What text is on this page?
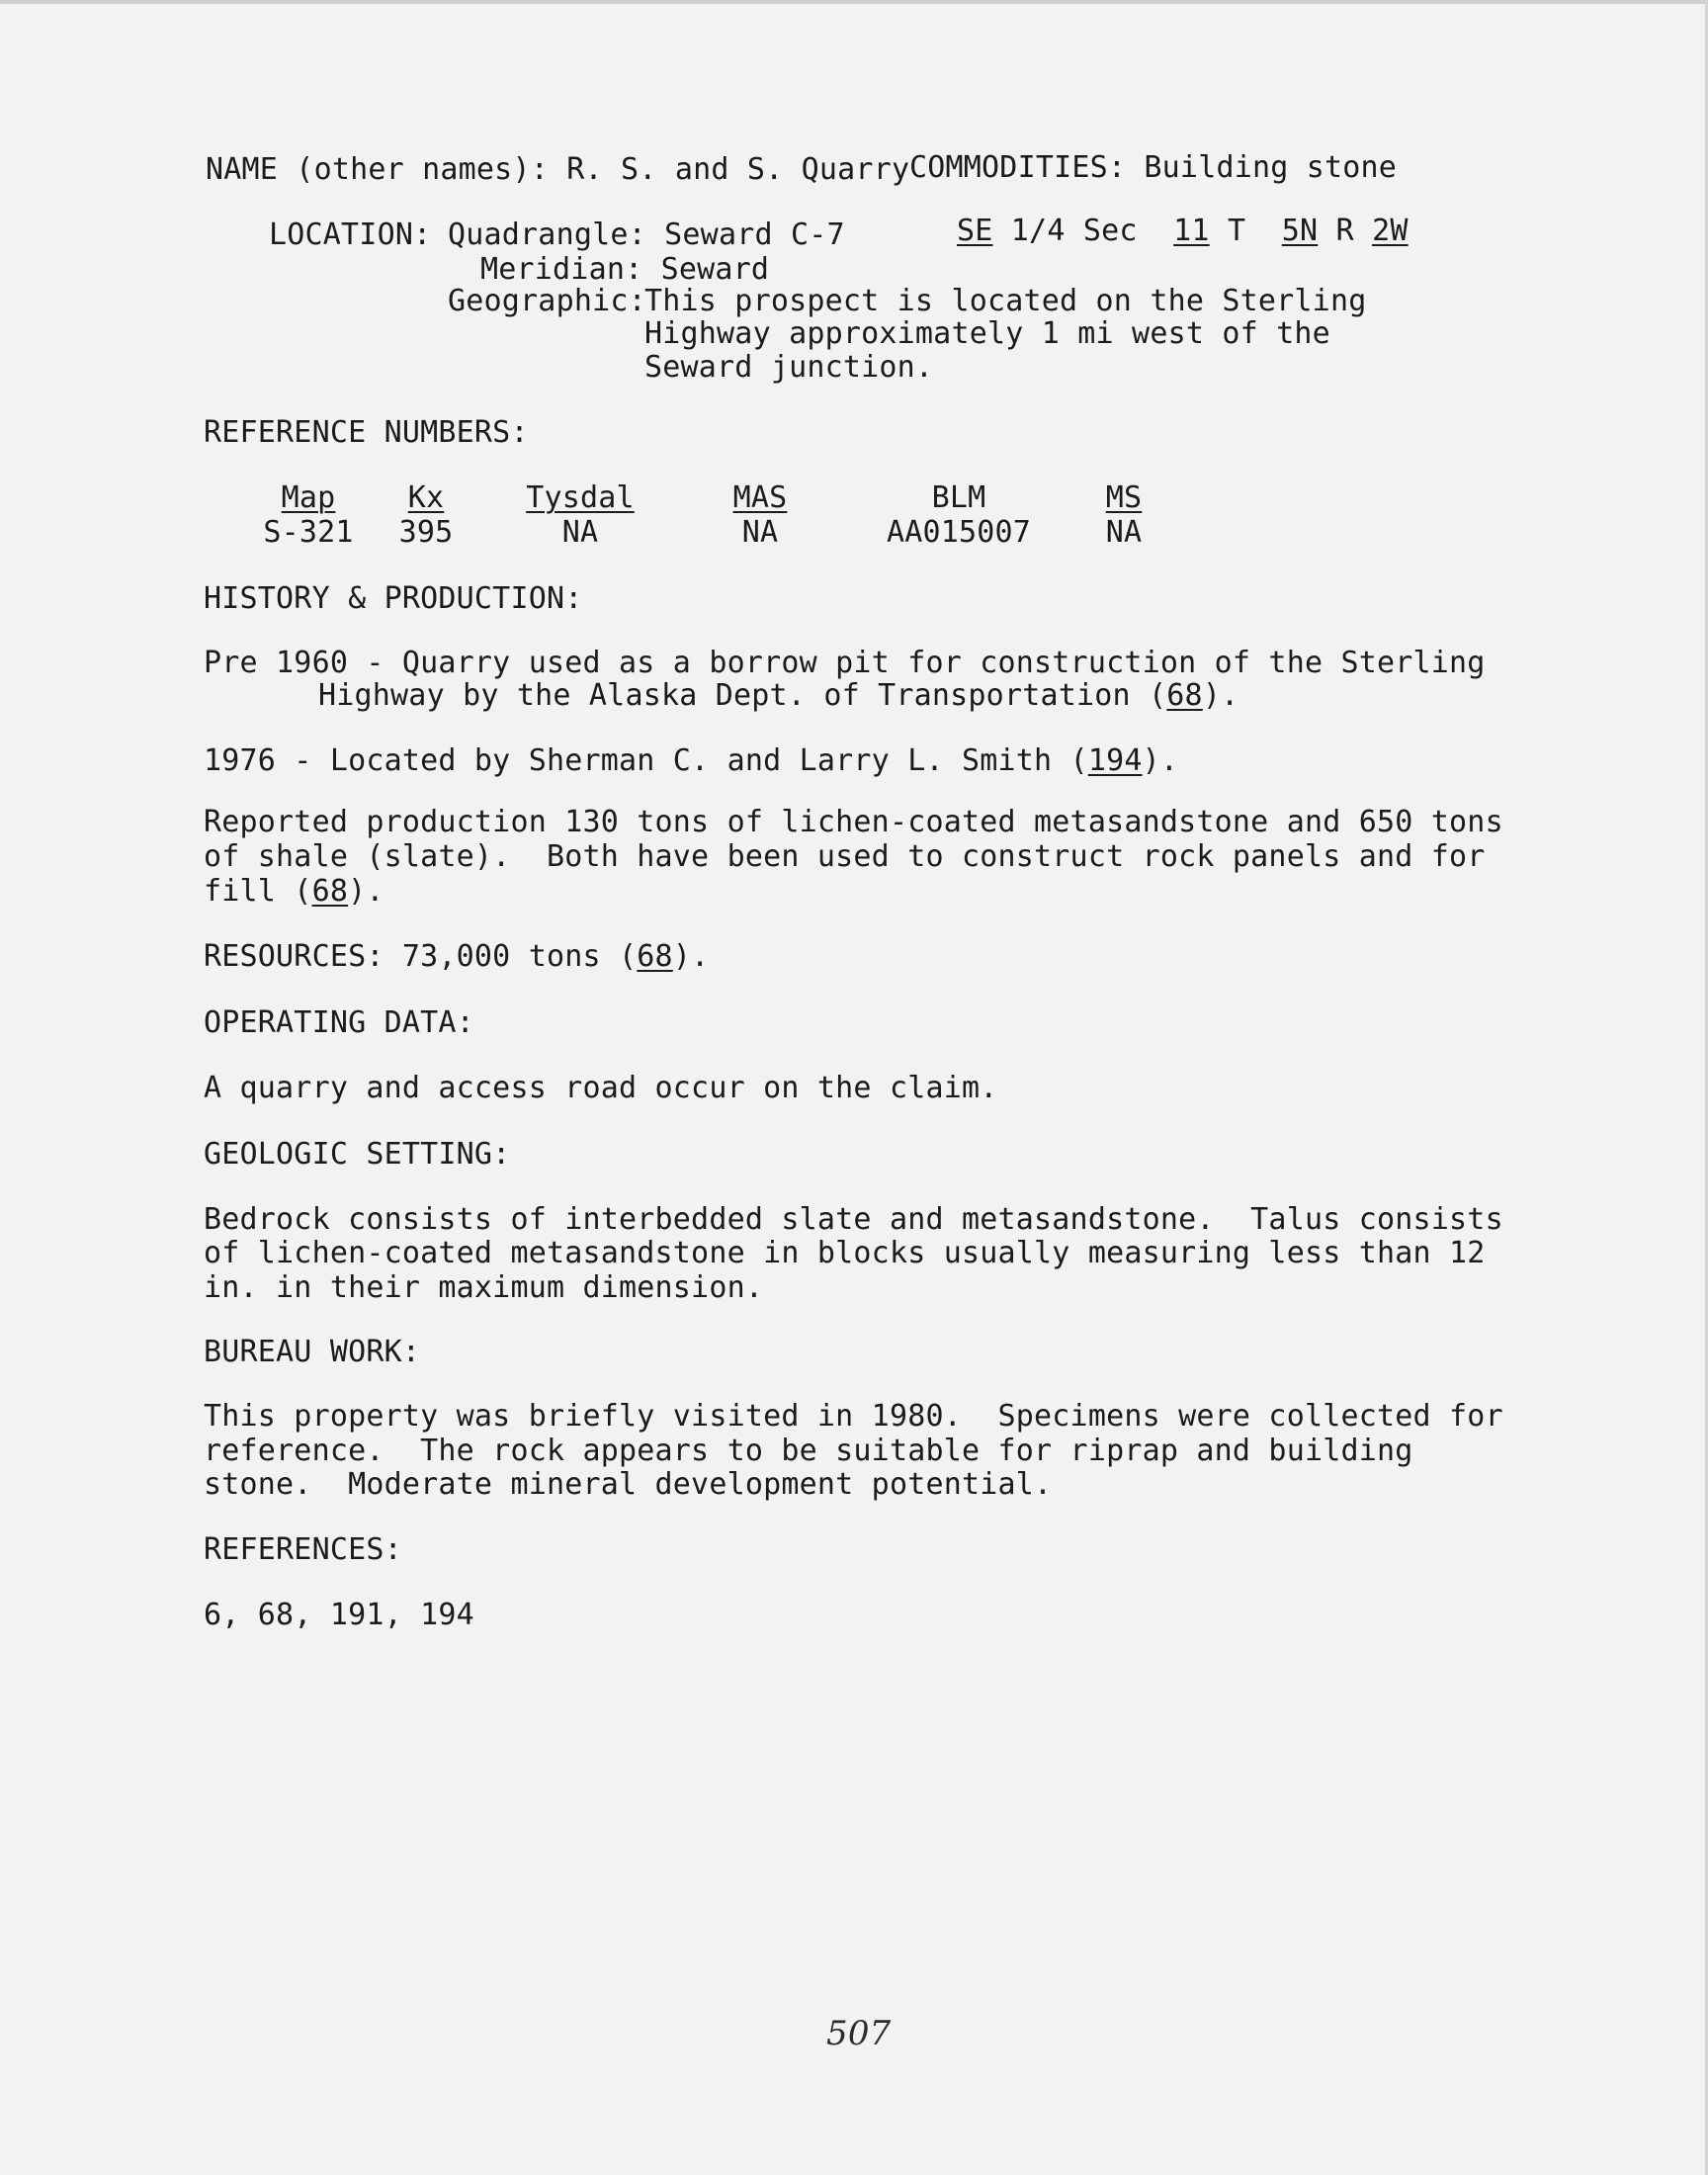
NAME (other names): R. S. and S. Quarry COMMODITIES: Building stone
LOCATION: Quadrangle: Seward C-7	SE 1/4 Sec 11 T 5N R 2W
Meridian: Seward
Geographic:
This prospect is located on the Sterling
Highway approximately 1 mi west of the
Seward junction.
REFERENCE NUMBERS:
Map
S-321
Kx
395
Tysdal
NA
MAS
NA
BLM
AA015007
MS
NA
HISTORY & PRODUCTION:
Pre 1960 - Quarry used as a borrow pit for construction of the Sterling
Highway by the Alaska Dept. of Transportation (68).
1976 - Located by Sherman C. and Larry L. Smith (194).
Reported production 130 tons of lichen-coated metasandstone and 650 tons
of shale (slate).  Both have been used to construct rock panels and for
fill (68).
RESOURCES: 73,000 tons (68).
OPERATING DATA:
A quarry and access road occur on the claim.
GEOLOGIC SETTING:
Bedrock consists of interbedded slate and metasandstone.  Talus consists
of lichen-coated metasandstone in blocks usually measuring less than 12
in. in their maximum dimension.
BUREAU WORK:
This property was briefly visited in 1980.  Specimens were collected for
reference.  The rock appears to be suitable for riprap and building
stone.  Moderate mineral development potential.
REFERENCES:
6, 68, 191, 194
507
